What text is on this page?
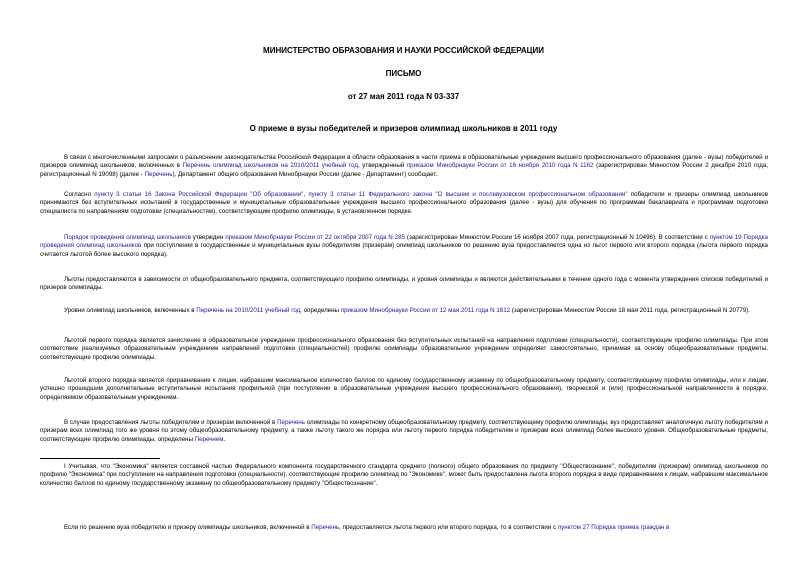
МИНИСТЕРСТВО ОБРАЗОВАНИЯ И НАУКИ РОССИЙСКОЙ ФЕДЕРАЦИИ
ПИСЬМО
от 27 мая 2011 года N 03-337
О приеме в вузы победителей и призеров олимпиад школьников в 2011 году

В связи с многочисленными запросами о разъяснении законодательства Российской Федерации в области образования в части приема в образовательные учреждения высшего профессионального образования (далее - вузы) победителей и призеров олимпиад школьников, включенных в Перечень олимпиад школьников на 2010/2011 учебный год, утвержденный приказом Минобрнауки России от 16 ноября 2010 года N 1162 (зарегистрирован Минюстом России 2 декабря 2010 года, регистрационный N 19098) (далее - Перечень), Департамент общего образования Минобрнауки России (далее - Департамент) сообщает.

Согласно пункту 3 статьи 16 Закона Российской Федерации "Об образовании", пункту 3 статьи 11 Федерального закона "О высшем и послевузовском профессиональном образовании" победители и призеры олимпиад школьников принимаются без вступительных испытаний в государственные и муниципальные образовательные учреждения высшего профессионального образования (далее - вузы) для обучения по программам бакалавриата и программам подготовки специалиста по направлениям подготовки (специальностям), соответствующим профилю олимпиады, в установленном порядке.

Порядок проведения олимпиад школьников утвержден приказом Минобрнауки России от 22 октября 2007 года N 285 (зарегистрирован Минюстом России 16 ноября 2007 года, регистрационный N 10496). В соответствии с пунктом 19 Порядка проведения олимпиад школьников при поступлении в государственные и муниципальные вузы победителям (призерам) олимпиад школьников по решению вуза предоставляется одна из льгот первого или второго порядка (льгота первого порядка считается льготой более высокого порядка).

Льготы предоставляются в зависимости от общеобразовательного предмета, соответствующего профилю олимпиады, и уровня олимпиады и являются действительными в течение одного года с момента утверждения списков победителей и призеров олимпиады.

Уровни олимпиад школьников, включенных в Перечень на 2010/2011 учебный год, определены приказом Минобрнауки России от 12 мая 2011 года N 1612 (зарегистрирован Минюстом России 18 мая 2011 года, регистрационный N 20779).

Льготой первого порядка является зачисление в образовательное учреждение профессионального образования без вступительных испытаний на направления подготовки (специальности), соответствующие профилю олимпиады. При этом соответствие реализуемых образовательным учреждением направлений подготовки (специальностей) профилю олимпиады образовательное учреждение определяет самостоятельно, принимая за основу общеобразовательные предметы, соответствующие профилю олимпиады.

Льготой второго порядка является приравнивание к лицам, набравшим максимальное количество баллов по единому государственному экзамену по общеобразовательному предмету, соответствующему профилю олимпиады, или к лицам, успешно прошедшим дополнительные вступительные испытания профильной (при поступлении в образовательные учреждения высшего профессионального образования), творческой и (или) профессиональной направленности в порядке, определяемом образовательным учреждением.

В случае предоставления льготы победителям и призерам включенной в Перечень олимпиады по конкретному общеобразовательному предмету, соответствующему профилю олимпиады, вуз предоставляет аналогичную льготу победителям и призерам всех олимпиад того же уровня по этому общеобразовательному предмету, а также льготу такого же порядка или льготу первого порядка победителям и призерам всех олимпиад более высокого уровня. Общеобразовательные предметы, соответствующие профилю олимпиады, определены Перечнем.

I Учитывая, что "Экономика" является составной частью Федерального компонента государственного стандарта среднего (полного) общего образования по предмету "Обществознание", победителям (призерам) олимпиад школьников по профилю "Экономика" при поступлении на направления подготовки (специальности), соответствующие профилю олимпиад по "Экономике", может быть предоставлена льгота второго порядка в виде приравнивания к лицам, набравшим максимальное количество баллов по единому государственному экзамену по общеобразовательному предмету "Обществознание".

Если по решению вуза победителю и призеру олимпиады школьников, включенной в Перечень, предоставляется льгота первого или второго порядка, то в соответствии с пунктом 27 Порядка приема граждан в
